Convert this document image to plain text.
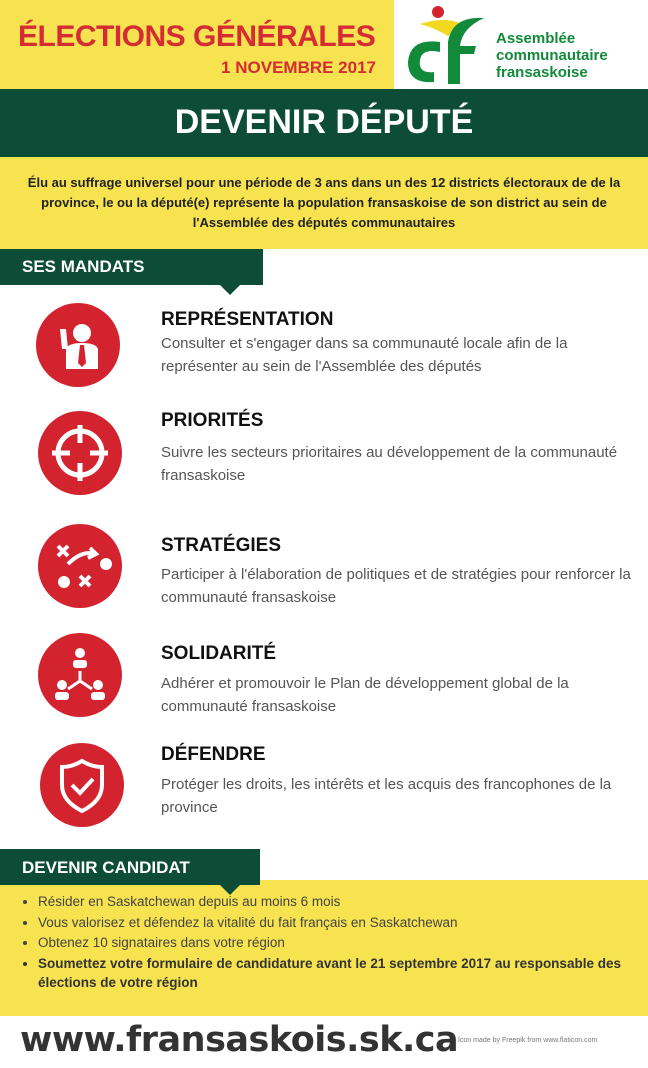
ÉLECTIONS GÉNÉRALES
1 NOVEMBRE 2017
Assemblée
communautaire
fransaskoise
DEVENIR DÉPUTÉ
Élu au suffrage universel pour une période de 3 ans dans un des 12 districts électoraux de de la province, le ou la député(e) représente la population fransaskoise de son district au sein de l'Assemblée des députés communautaires
SES MANDATS
REPRÉSENTATION
Consulter et s'engager dans sa communauté locale afin de la représenter au sein de l'Assemblée des députés
PRIORITÉS
Suivre les secteurs prioritaires au développement de la communauté fransaskoise
STRATÉGIES
Participer à l'élaboration de politiques et de stratégies pour renforcer la communauté fransaskoise
SOLIDARITÉ
Adhérer et promouvoir le Plan de développement global de la communauté fransaskoise
DÉFENDRE
Protéger les droits, les intérêts et les acquis des francophones de la province
• Résider en Saskatchewan depuis au moins 6 mois
• Vous valorisez et défendez la vitalité du fait français en Saskatchewan
• Obtenez 10 signataires dans votre région
• Soumettez votre formulaire de candidature avant le 21 septembre 2017 au responsable des élections de votre région
DEVENIR CANDIDAT
www.fransaskois.sk.ca Icon made by Freepik from www.flaticon.com
